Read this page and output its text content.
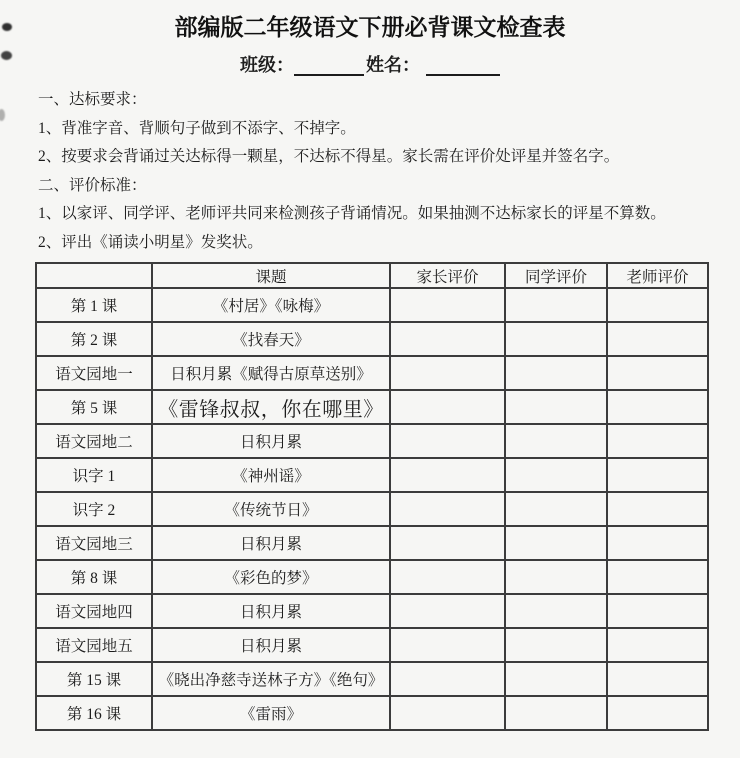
部编版二年级语文下册必背课文检查表
班级：	姓名：

一、达标要求：

1、背准字音、背顺句子做到不添字、不掉字。

2、按要求会背诵过关达标得一颗星，不达标不得星。家长需在评价处评星并签名字。

二、评价标准：

1、以家评、同学评、老师评共同来检测孩子背诵情况。如果抽测不达标家长的评星不算数。

2、评出《诵读小明星》发奖状。

	课题	家长评价	同学评价	老师评价
第 1 课	《村居》《咏梅》			
第 2 课	《找春天》			
语文园地一	日积月累《赋得古原草送别》			
第 5 课	《雷锋叔叔，你在哪里》			
语文园地二	日积月累			
识字 1	《神州谣》			
识字 2	《传统节日》			
语文园地三	日积月累			
第 8 课	《彩色的梦》			
语文园地四	日积月累			
语文园地五	日积月累			
第 15 课	《晓出净慈寺送林子方》《绝句》			
第 16 课	《雷雨》			
